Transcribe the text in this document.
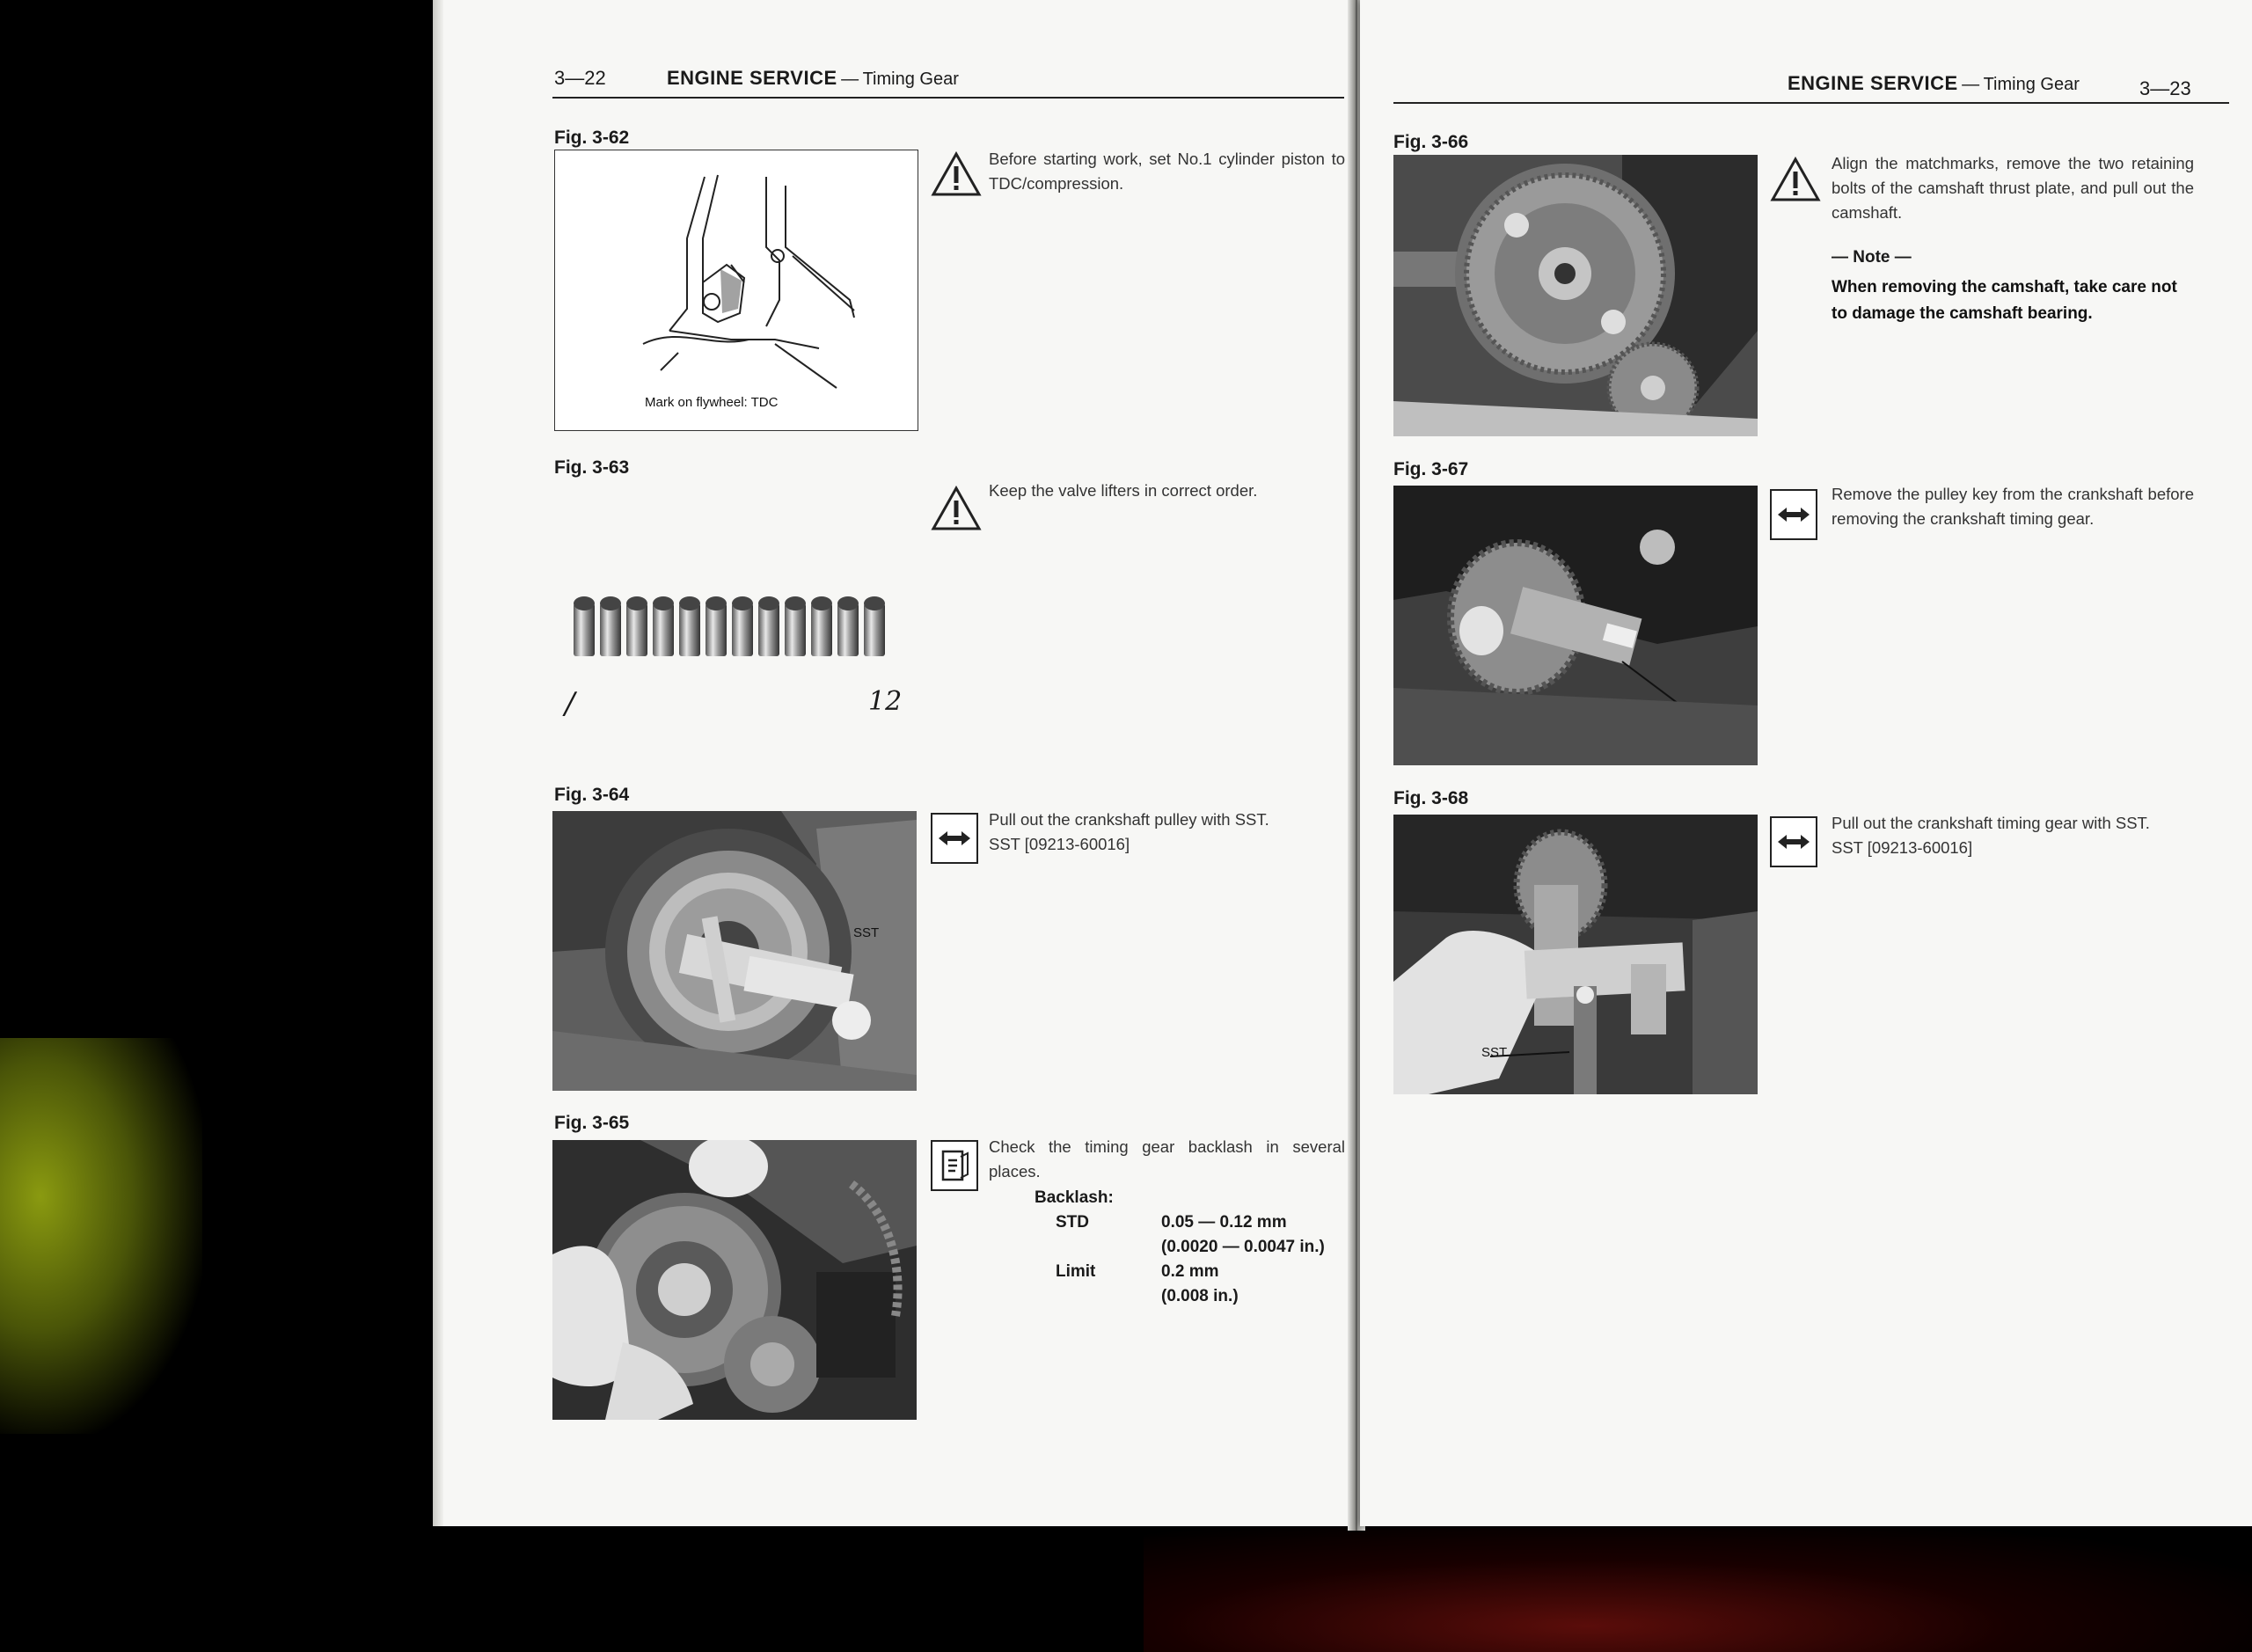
3—22	ENGINE SERVICE — Timing Gear
Fig. 3-62
Mark on flywheel: TDC
Before starting work, set No.1 cylinder piston to TDC/compression.
Fig. 3-63
/	12
Keep the valve lifters in correct order.
Fig. 3-64
SST
Pull out the crankshaft pulley with SST.
SST [09213-60016]
Fig. 3-65
Check the timing gear backlash in several places.
Backlash:
STD	0.05 — 0.12 mm
(0.0020 — 0.0047 in.)
Limit	0.2 mm
(0.008 in.)
ENGINE SERVICE — Timing Gear	3—23
Fig. 3-66
Align the matchmarks, remove the two retaining bolts of the camshaft thrust plate, and pull out the camshaft.
— Note —
When removing the camshaft, take care not to damage the camshaft bearing.
Fig. 3-67
Remove the pulley key from the crankshaft before removing the crankshaft timing gear.
Fig. 3-68
SST
Pull out the crankshaft timing gear with SST.
SST [09213-60016]
